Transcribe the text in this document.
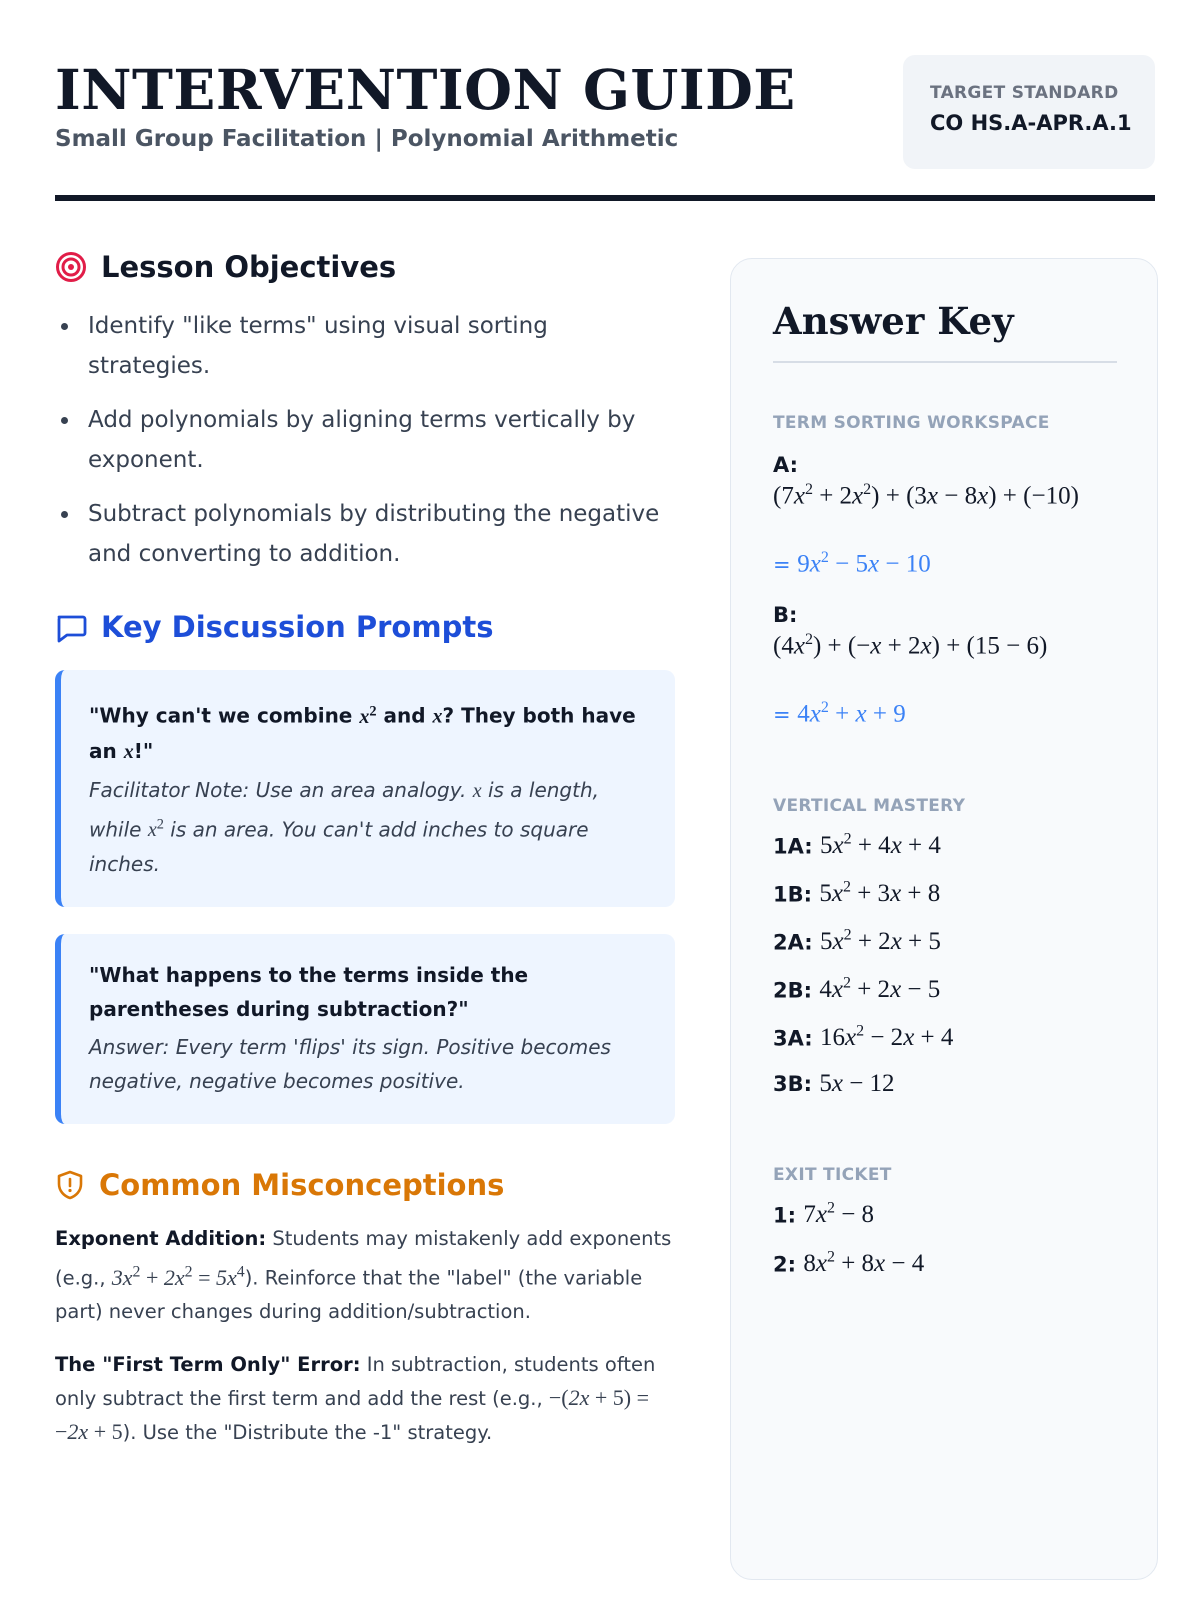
INTERVENTION GUIDE
Small Group Facilitation | Polynomial Arithmetic
TARGET STANDARD
CO HS.A-APR.A.1
Lesson Objectives
Identify "like terms" using visual sorting strategies.
Add polynomials by aligning terms vertically by exponent.
Subtract polynomials by distributing the negative and converting to addition.
Key Discussion Prompts
"Why can't we combine $x^2$ and x? They both have an x!"
Facilitator Note: Use an area analogy. x is a length, while $x^2$ is an area. You can't add inches to square inches.
"What happens to the terms inside the parentheses during subtraction?"
Answer: Every term 'flips' its sign. Positive becomes negative, negative becomes positive.
Common Misconceptions

Exponent Addition: Students may mistakenly add exponents (e.g., $3x^2 + 2x^2 = 5x^4$). Reinforce that the "label" (the variable part) never changes during addition/subtraction.

The "First Term Only" Error: In subtraction, students often only subtract the first term and add the rest (e.g., −(2x + 5) = −2x + 5). Use the "Distribute the -1" strategy.

Answer Key
TERM SORTING WORKSPACE
A:
$(7x^2 + 2x^2) + (3x - 8x) + (-10)$
= $9x^2 - 5x - 10$
B:
$(4x^2) + (-x + 2x) + (15 - 6)$
= $4x^2 + x + 9$
VERTICAL MASTERY
1A: $5x^2 + 4x + 4$
1B: $5x^2 + 3x + 8$
2A: $5x^2 + 2x + 5$
2B: $4x^2 + 2x - 5$
3A: $16x^2 - 2x + 4$
3B: 5x − 12
EXIT TICKET
1: $7x^2 - 8$
2: $8x^2 + 8x - 4$
